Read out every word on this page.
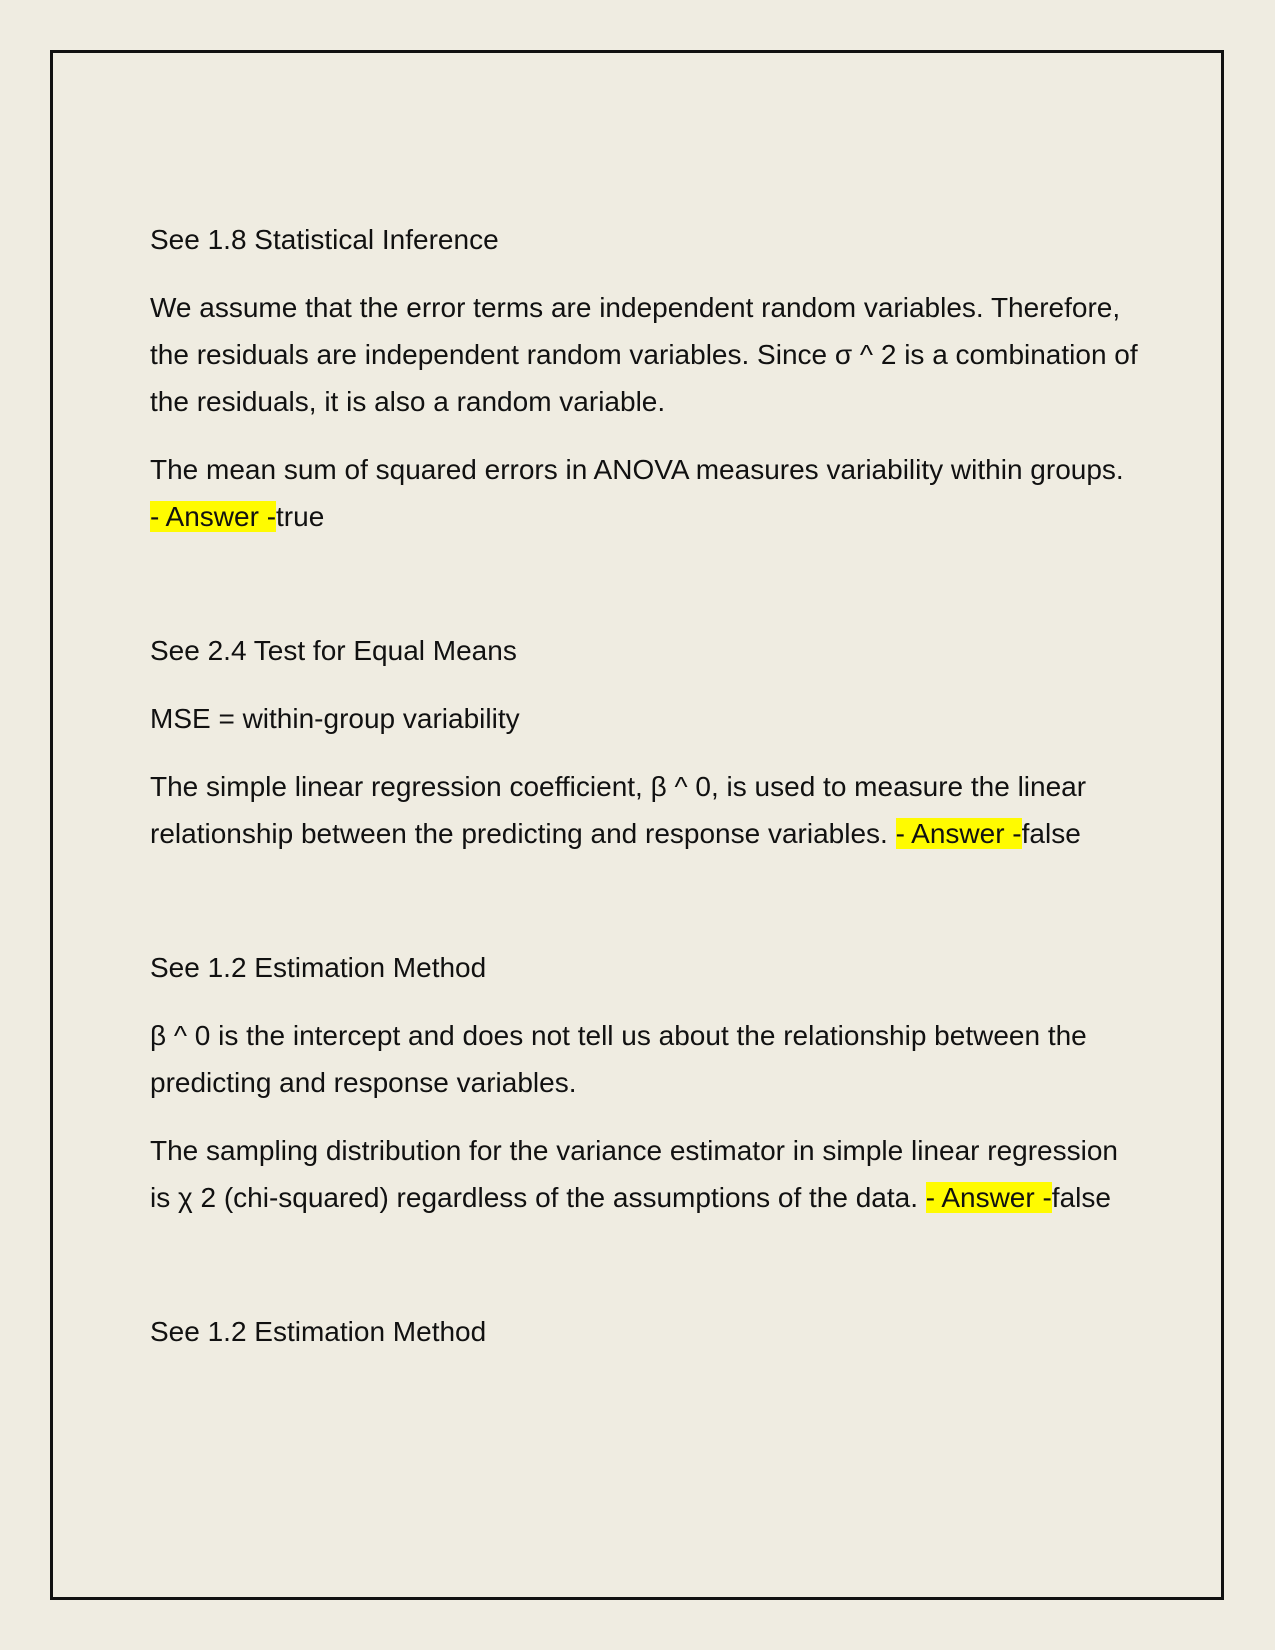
See 1.8 Statistical Inference

We assume that the error terms are independent random variables. Therefore, the residuals are independent random variables. Since σ ^ 2 is a combination of the residuals, it is also a random variable.

The mean sum of squared errors in ANOVA measures variability within groups. - Answer -true

See 2.4 Test for Equal Means

MSE = within-group variability

The simple linear regression coefficient, β ^ 0, is used to measure the linear relationship between the predicting and response variables. - Answer -false

See 1.2 Estimation Method

β ^ 0 is the intercept and does not tell us about the relationship between the predicting and response variables.

The sampling distribution for the variance estimator in simple linear regression is χ 2 (chi-squared) regardless of the assumptions of the data. - Answer -false

See 1.2 Estimation Method
